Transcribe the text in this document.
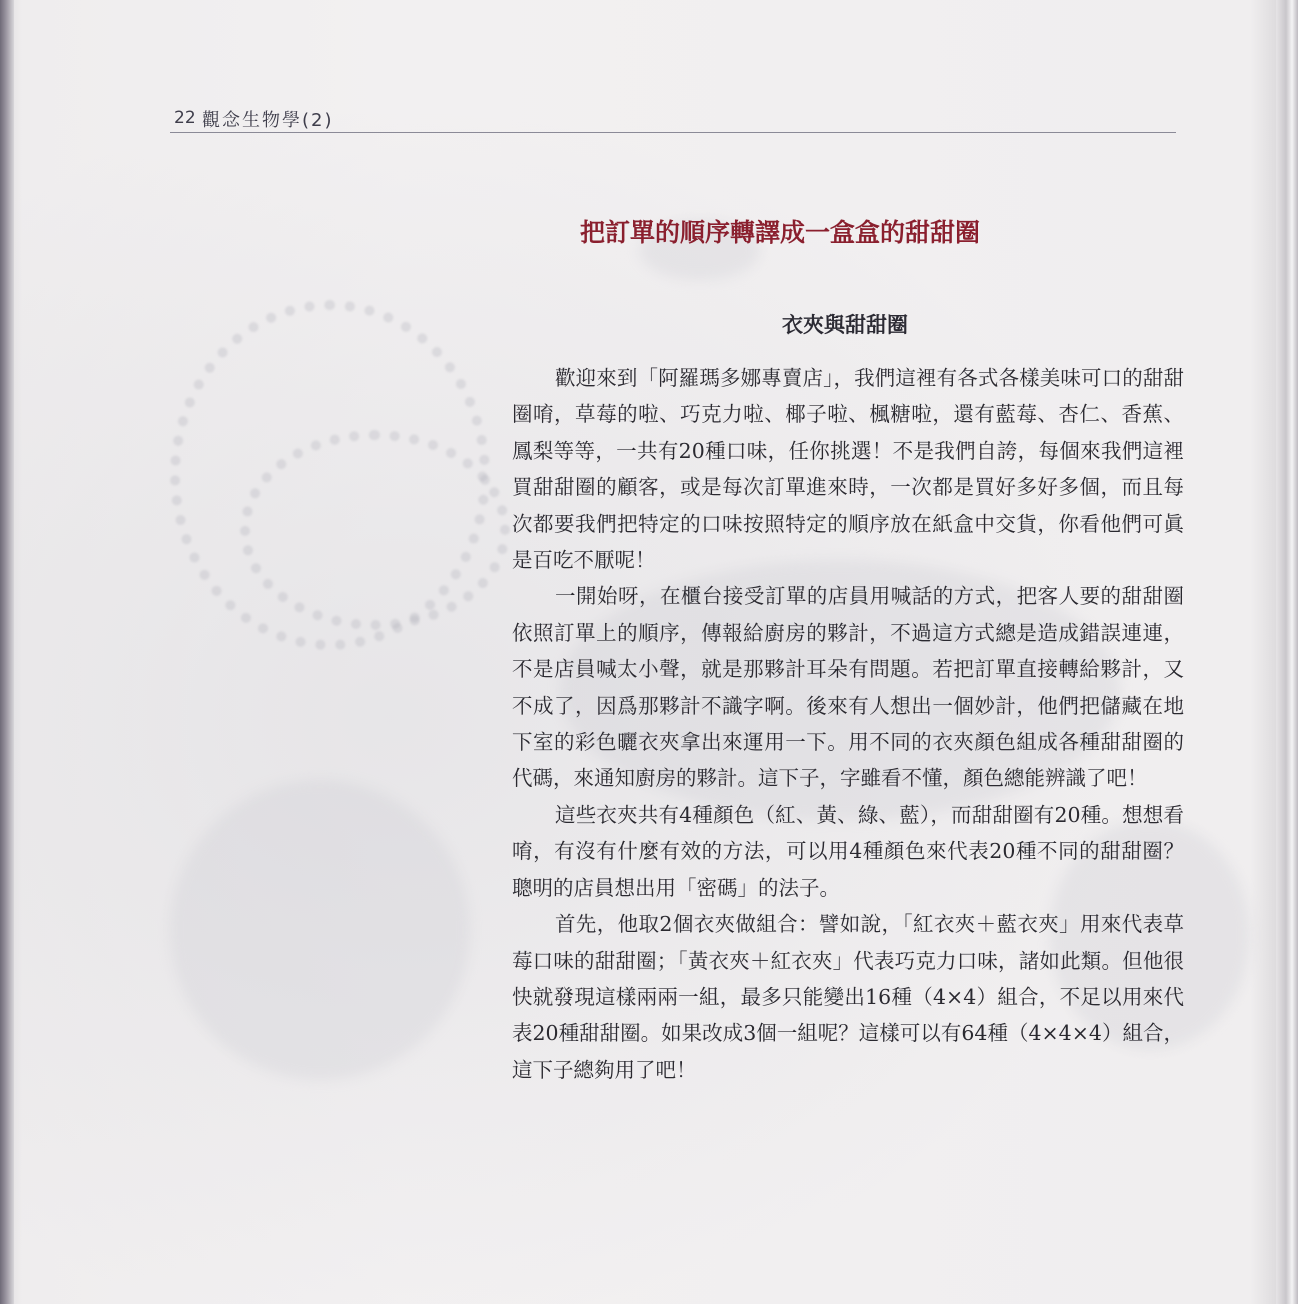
22 觀念生物學(2)
把訂單的順序轉譯成一盒盒的甜甜圈
衣夾與甜甜圈

歡迎來到「阿羅瑪多娜專賣店」，我們這裡有各式各樣美味可口的甜甜圈唷，草莓的啦、巧克力啦、椰子啦、楓糖啦，還有藍莓、杏仁、香蕉、鳳梨等等，一共有20種口味，任你挑選！不是我們自誇，每個來我們這裡買甜甜圈的顧客，或是每次訂單進來時，一次都是買好多好多個，而且每次都要我們把特定的口味按照特定的順序放在紙盒中交貨，你看他們可眞是百吃不厭呢！

一開始呀，在櫃台接受訂單的店員用喊話的方式，把客人要的甜甜圈依照訂單上的順序，傳報給廚房的夥計，不過這方式總是造成錯誤連連，不是店員喊太小聲，就是那夥計耳朵有問題。若把訂單直接轉給夥計，又不成了，因爲那夥計不識字啊。後來有人想出一個妙計，他們把儲藏在地下室的彩色曬衣夾拿出來運用一下。用不同的衣夾顏色組成各種甜甜圈的代碼，來通知廚房的夥計。這下子，字雖看不懂，顏色總能辨識了吧！

這些衣夾共有4種顏色（紅、黃、綠、藍），而甜甜圈有20種。想想看唷，有沒有什麼有效的方法，可以用4種顏色來代表20種不同的甜甜圈？聰明的店員想出用「密碼」的法子。

首先，他取2個衣夾做組合：譬如說，「紅衣夾＋藍衣夾」用來代表草莓口味的甜甜圈；「黃衣夾＋紅衣夾」代表巧克力口味，諸如此類。但他很快就發現這樣兩兩一組，最多只能變出16種（4×4）組合，不足以用來代表20種甜甜圈。如果改成3個一組呢？這樣可以有64種（4×4×4）組合，這下子總夠用了吧！
